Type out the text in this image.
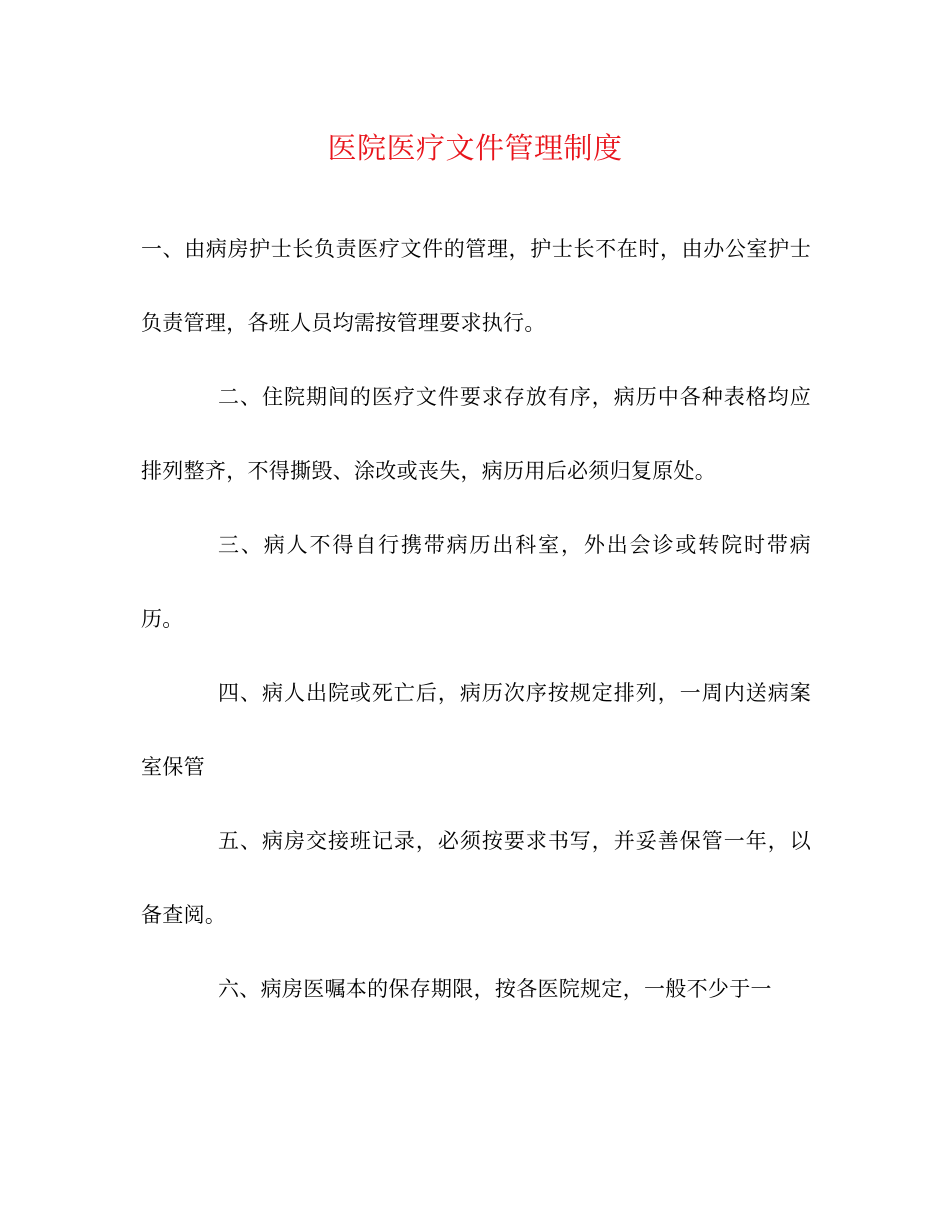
医院医疗文件管理制度

一、由病房护士长负责医疗文件的管理，护士长不在时，由办公室护士负责管理，各班人员均需按管理要求执行。

二、住院期间的医疗文件要求存放有序，病历中各种表格均应排列整齐，不得撕毁、涂改或丧失，病历用后必须归复原处。

三、病人不得自行携带病历出科室，外出会诊或转院时带病历。

四、病人出院或死亡后，病历次序按规定排列，一周内送病案室保管

五、病房交接班记录，必须按要求书写，并妥善保管一年，以备查阅。

六、病房医嘱本的保存期限，按各医院规定，一般不少于一
